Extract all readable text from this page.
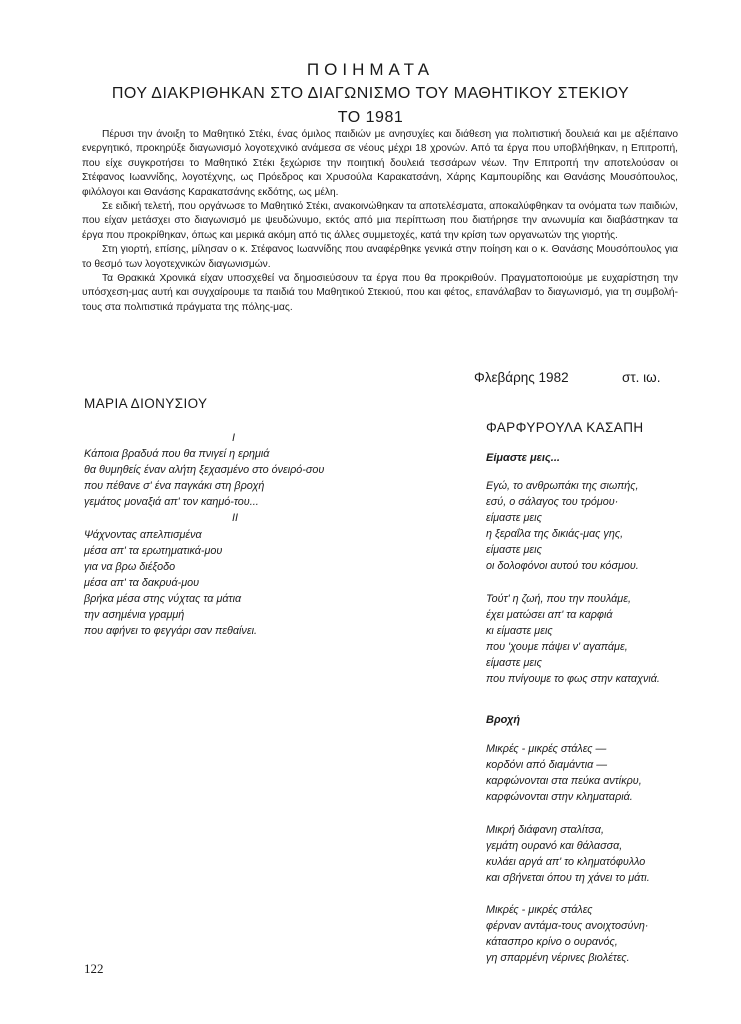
ΠΟΙΗΜΑΤΑ
ΠΟΥ ΔΙΑΚΡΙΘΗΚΑΝ ΣΤΟ ΔΙΑΓΩΝΙΣΜΟ ΤΟΥ ΜΑΘΗΤΙΚΟΥ ΣΤΕΚΙΟΥ
ΤΟ 1981

Πέρυσι την άνοιξη το Μαθητικό Στέκι, ένας όμιλος παιδιών με ανησυχίες και διάθεση για πολιτιστική δουλειά και με αξιέπαινο ενεργητικό, προκηρύξε διαγωνισμό λογοτεχνικό ανάμεσα σε νέους μέχρι 18 χρονών. Από τα έργα που υποβλήθηκαν, η Επιτροπή, που είχε συγκροτήσει το Μαθητικό Στέκι ξεχώρισε την ποιητική δουλειά τεσσάρων νέων. Την Επιτροπή την αποτελούσαν οι Στέφανος Ιωαννίδης, λογοτέχνης, ως Πρόεδρος και Χρυσούλα Καρακατσάνη, Χάρης Καμπουρίδης και Θανάσης Μουσόπουλος, φιλόλογοι και Θανάσης Καρακατσάνης εκδότης, ως μέλη.

Σε ειδική τελετή, που οργάνωσε το Μαθητικό Στέκι, ανακοινώθηκαν τα αποτελέσματα, αποκαλύφθηκαν τα ονόματα των παιδιών, που είχαν μετάσχει στο διαγωνισμό με ψευδώνυμο, εκτός από μια περίπτωση που διατήρησε την ανωνυμία και διαβάστηκαν τα έργα που προκρίθηκαν, όπως και μερικά ακόμη από τις άλλες συμμετοχές, κατά την κρίση των οργανωτών της γιορτής.

Στη γιορτή, επίσης, μίλησαν ο κ. Στέφανος Ιωαννίδης που αναφέρθηκε γενικά στην ποίηση και ο κ. Θανάσης Μουσόπουλος για το θεσμό των λογοτεχνικών διαγωνισμών.

Τα Θρακικά Χρονικά είχαν υποσχεθεί να δημοσιεύσουν τα έργα που θα προκριθούν. Πραγματοποιούμε με ευχαρίστηση την υπόσχεση-μας αυτή και συγχαίρουμε τα παιδιά του Μαθητικού Στεκιού, που και φέτος, επανάλαβαν το διαγωνισμό, για τη συμβολή-τους στα πολιτιστικά πράγματα της πόλης-μας.

Φλεβάρης 1982	στ. ιω.

ΜΑΡΙΑ ΔΙΟΝΥΣΙΟΥ

I

Κάποια βραδυά που θα πνιγεί η ερημιά

θα θυμηθείς έναν αλήτη ξεχασμένο στο όνειρό-σου

που πέθανε σ' ένα παγκάκι στη βροχή

γεμάτος μοναξιά απ' τον καημό-του...

II

Ψάχνοντας απελπισμένα

μέσα απ' τα ερωτηματικά-μου

για να βρω διέξοδο

μέσα απ' τα δακρυά-μου

βρήκα μέσα στης νύχτας τα μάτια

την ασημένια γραμμή

που αφήνει το φεγγάρι σαν πεθαίνει.

ΦΑΡΦΥΡΟΥΛΑ ΚΑΣΑΠΗ

Είμαστε μεις...

Εγώ, το ανθρωπάκι της σιωπής,

εσύ, ο σάλαγος του τρόμου·

είμαστε μεις

η ξεραΐλα της δικιάς-μας γης,

είμαστε μεις

οι δολοφόνοι αυτού του κόσμου.

Τούτ' η ζωή, που την πουλάμε,

έχει ματώσει απ' τα καρφιά

κι είμαστε μεις

που 'χουμε πάψει ν' αγαπάμε,

είμαστε μεις

που πνίγουμε το φως στην καταχνιά.

Βροχή

Μικρές - μικρές στάλες —

κορδόνι από διαμάντια —

καρφώνονται στα πεύκα αντίκρυ,

καρφώνονται στην κληματαριά.

Μικρή διάφανη σταλίτσα,

γεμάτη ουρανό και θάλασσα,

κυλάει αργά απ' το κληματόφυλλο

και σβήνεται όπου τη χάνει το μάτι.

Μικρές - μικρές στάλες

φέρναν αντάμα-τους ανοιχτοσύνη·

κάτασπρο κρίνο ο ουρανός,

γη σπαρμένη νέρινες βιολέτες.

122
